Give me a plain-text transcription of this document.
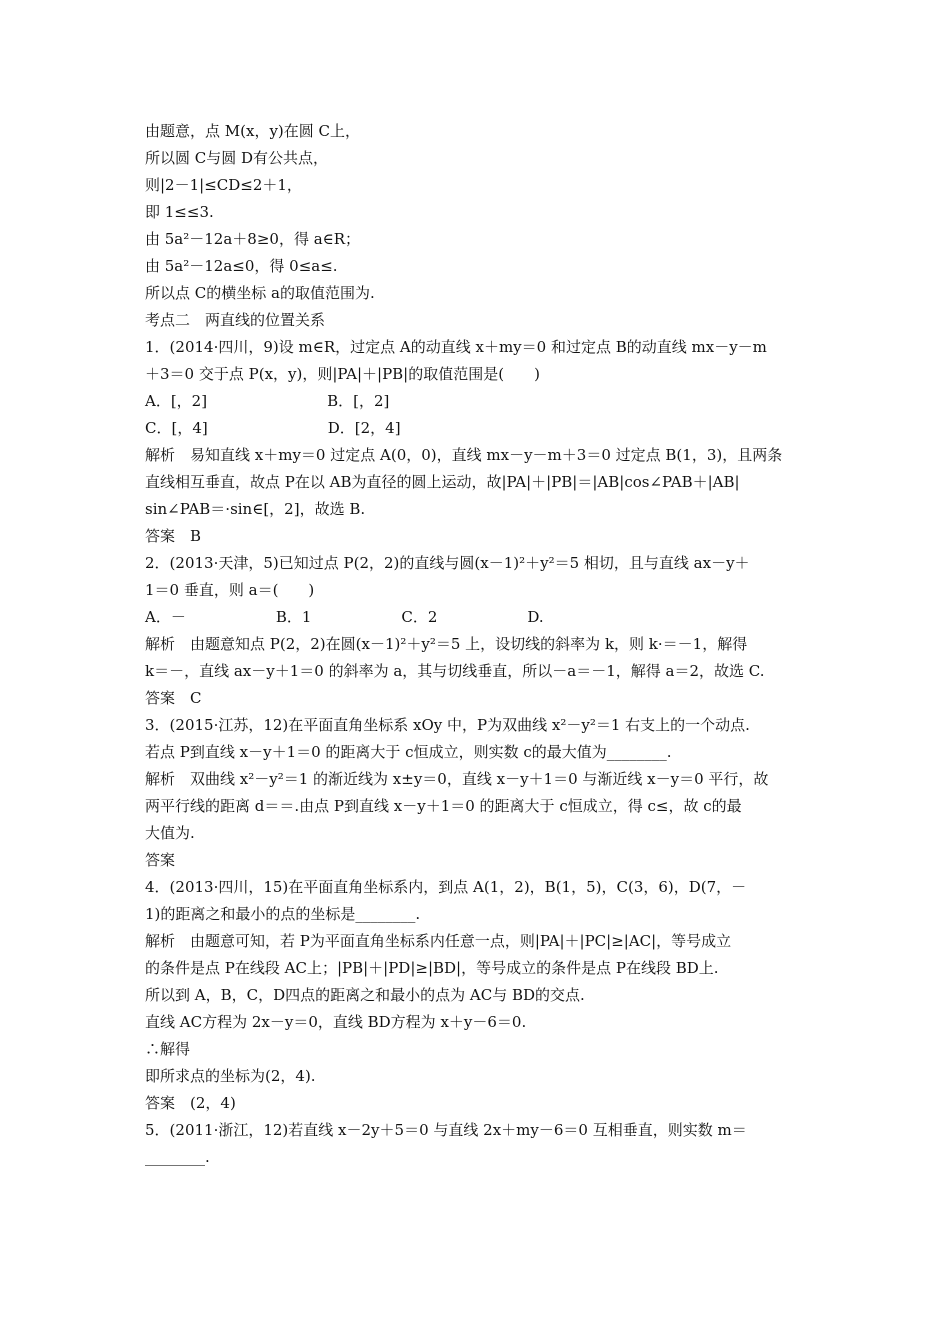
由题意，点 M(x，y)在圆 C上，
所以圆 C与圆 D有公共点，
则|2－1|≤CD≤2＋1，
即 1≤≤3.
由 5a²－12a＋8≥0，得 a∈R；
由 5a²－12a≤0，得 0≤a≤.
所以点 C的横坐标 a的取值范围为.
考点二　两直线的位置关系
1．(2014·四川，9)设 m∈R，过定点 A的动直线 x＋my＝0 和过定点 B的动直线 mx－y－m
＋3＝0 交于点 P(x，y)，则|PA|＋|PB|的取值范围是(　　)
A．[，2]　　　　　　　　B．[，2]
C．[，4]　　　　　　　　D．[2，4]
解析　易知直线 x＋my＝0 过定点 A(0，0)，直线 mx－y－m＋3＝0 过定点 B(1，3)，且两条
直线相互垂直，故点 P在以 AB为直径的圆上运动，故|PA|＋|PB|＝|AB|cos∠PAB＋|AB|
sin∠PAB＝·sin∈[，2]，故选 B.
答案　B
2．(2013·天津，5)已知过点 P(2，2)的直线与圆(x－1)²＋y²＝5 相切，且与直线 ax－y＋
1＝0 垂直，则 a＝(　　)
A．－　　　　　　B．1　　　　　　C．2　　　　　　D.
解析　由题意知点 P(2，2)在圆(x－1)²＋y²＝5 上，设切线的斜率为 k，则 k·＝－1，解得
k＝－，直线 ax－y＋1＝0 的斜率为 a，其与切线垂直，所以－a＝－1，解得 a＝2，故选 C.
答案　C
3．(2015·江苏，12)在平面直角坐标系 xOy 中，P为双曲线 x²－y²＝1 右支上的一个动点.
若点 P到直线 x－y＋1＝0 的距离大于 c恒成立，则实数 c的最大值为________.
解析　双曲线 x²－y²＝1 的渐近线为 x±y＝0，直线 x－y＋1＝0 与渐近线 x－y＝0 平行，故
两平行线的距离 d＝＝.由点 P到直线 x－y＋1＝0 的距离大于 c恒成立，得 c≤，故 c的最
大值为.
答案
4．(2013·四川，15)在平面直角坐标系内，到点 A(1，2)，B(1，5)，C(3，6)，D(7，－
1)的距离之和最小的点的坐标是________.
解析　由题意可知，若 P为平面直角坐标系内任意一点，则|PA|＋|PC|≥|AC|，等号成立
的条件是点 P在线段 AC上；|PB|＋|PD|≥|BD|，等号成立的条件是点 P在线段 BD上.
所以到 A，B，C，D四点的距离之和最小的点为 AC与 BD的交点.
直线 AC方程为 2x－y＝0，直线 BD方程为 x＋y－6＝0.
∴解得
即所求点的坐标为(2，4).
答案　(2，4)
5．(2011·浙江，12)若直线 x－2y＋5＝0 与直线 2x＋my－6＝0 互相垂直，则实数 m＝
________.
